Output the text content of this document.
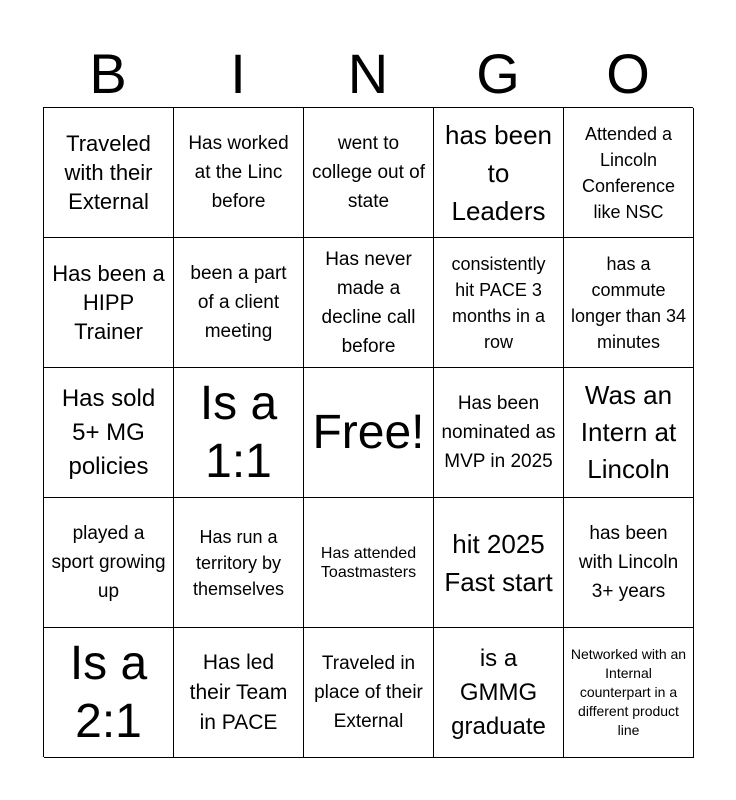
B	I	N	G	O
Traveled with their External
Has worked at the Linc before
went to college out of state
has been to Leaders
Attended a Lincoln Conference like NSC
Has been a HIPP Trainer
been a part of a client meeting
Has never made a decline call before
consistently hit PACE 3 months in a row
has a commute longer than 34 minutes
Has sold 5+ MG policies
Is a 1:1
Free!
Has been nominated as MVP in 2025
Was an Intern at Lincoln
played a sport growing up
Has run a territory by themselves
Has attended Toastmasters
hit 2025 Fast start
has been with Lincoln 3+ years
Is a 2:1
Has led their Team in PACE
Traveled in place of their External
is a GMMG graduate
Networked with an Internal counterpart in a different product line
